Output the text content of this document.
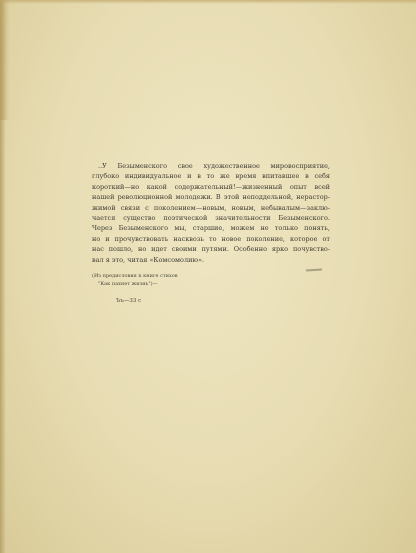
..У Безыменского свое художественное мировосприятие,
глубоко индивидуальное и в то же время впитавшее в себя
короткий—но какой содержательный!—жизненный опыт всей
нашей революционной молодежи. В этой неподдельной, нерастор-
жимой связи с поколением—новым, новым, небывалым—заклю-
чается существо поэтической значительности Безыменского.
Через Безыменского мы, старшие, можем не только понять,
но и прочувствовать насквозь то новое поколение, которое от
нас пошло, но идет своими путями. Особенно ярко почувство-
вал я это, читая «Комсомолию».
(Из предисловия к книге стихов
"Как пахнет жизнь")—
Ъъ—33 с
